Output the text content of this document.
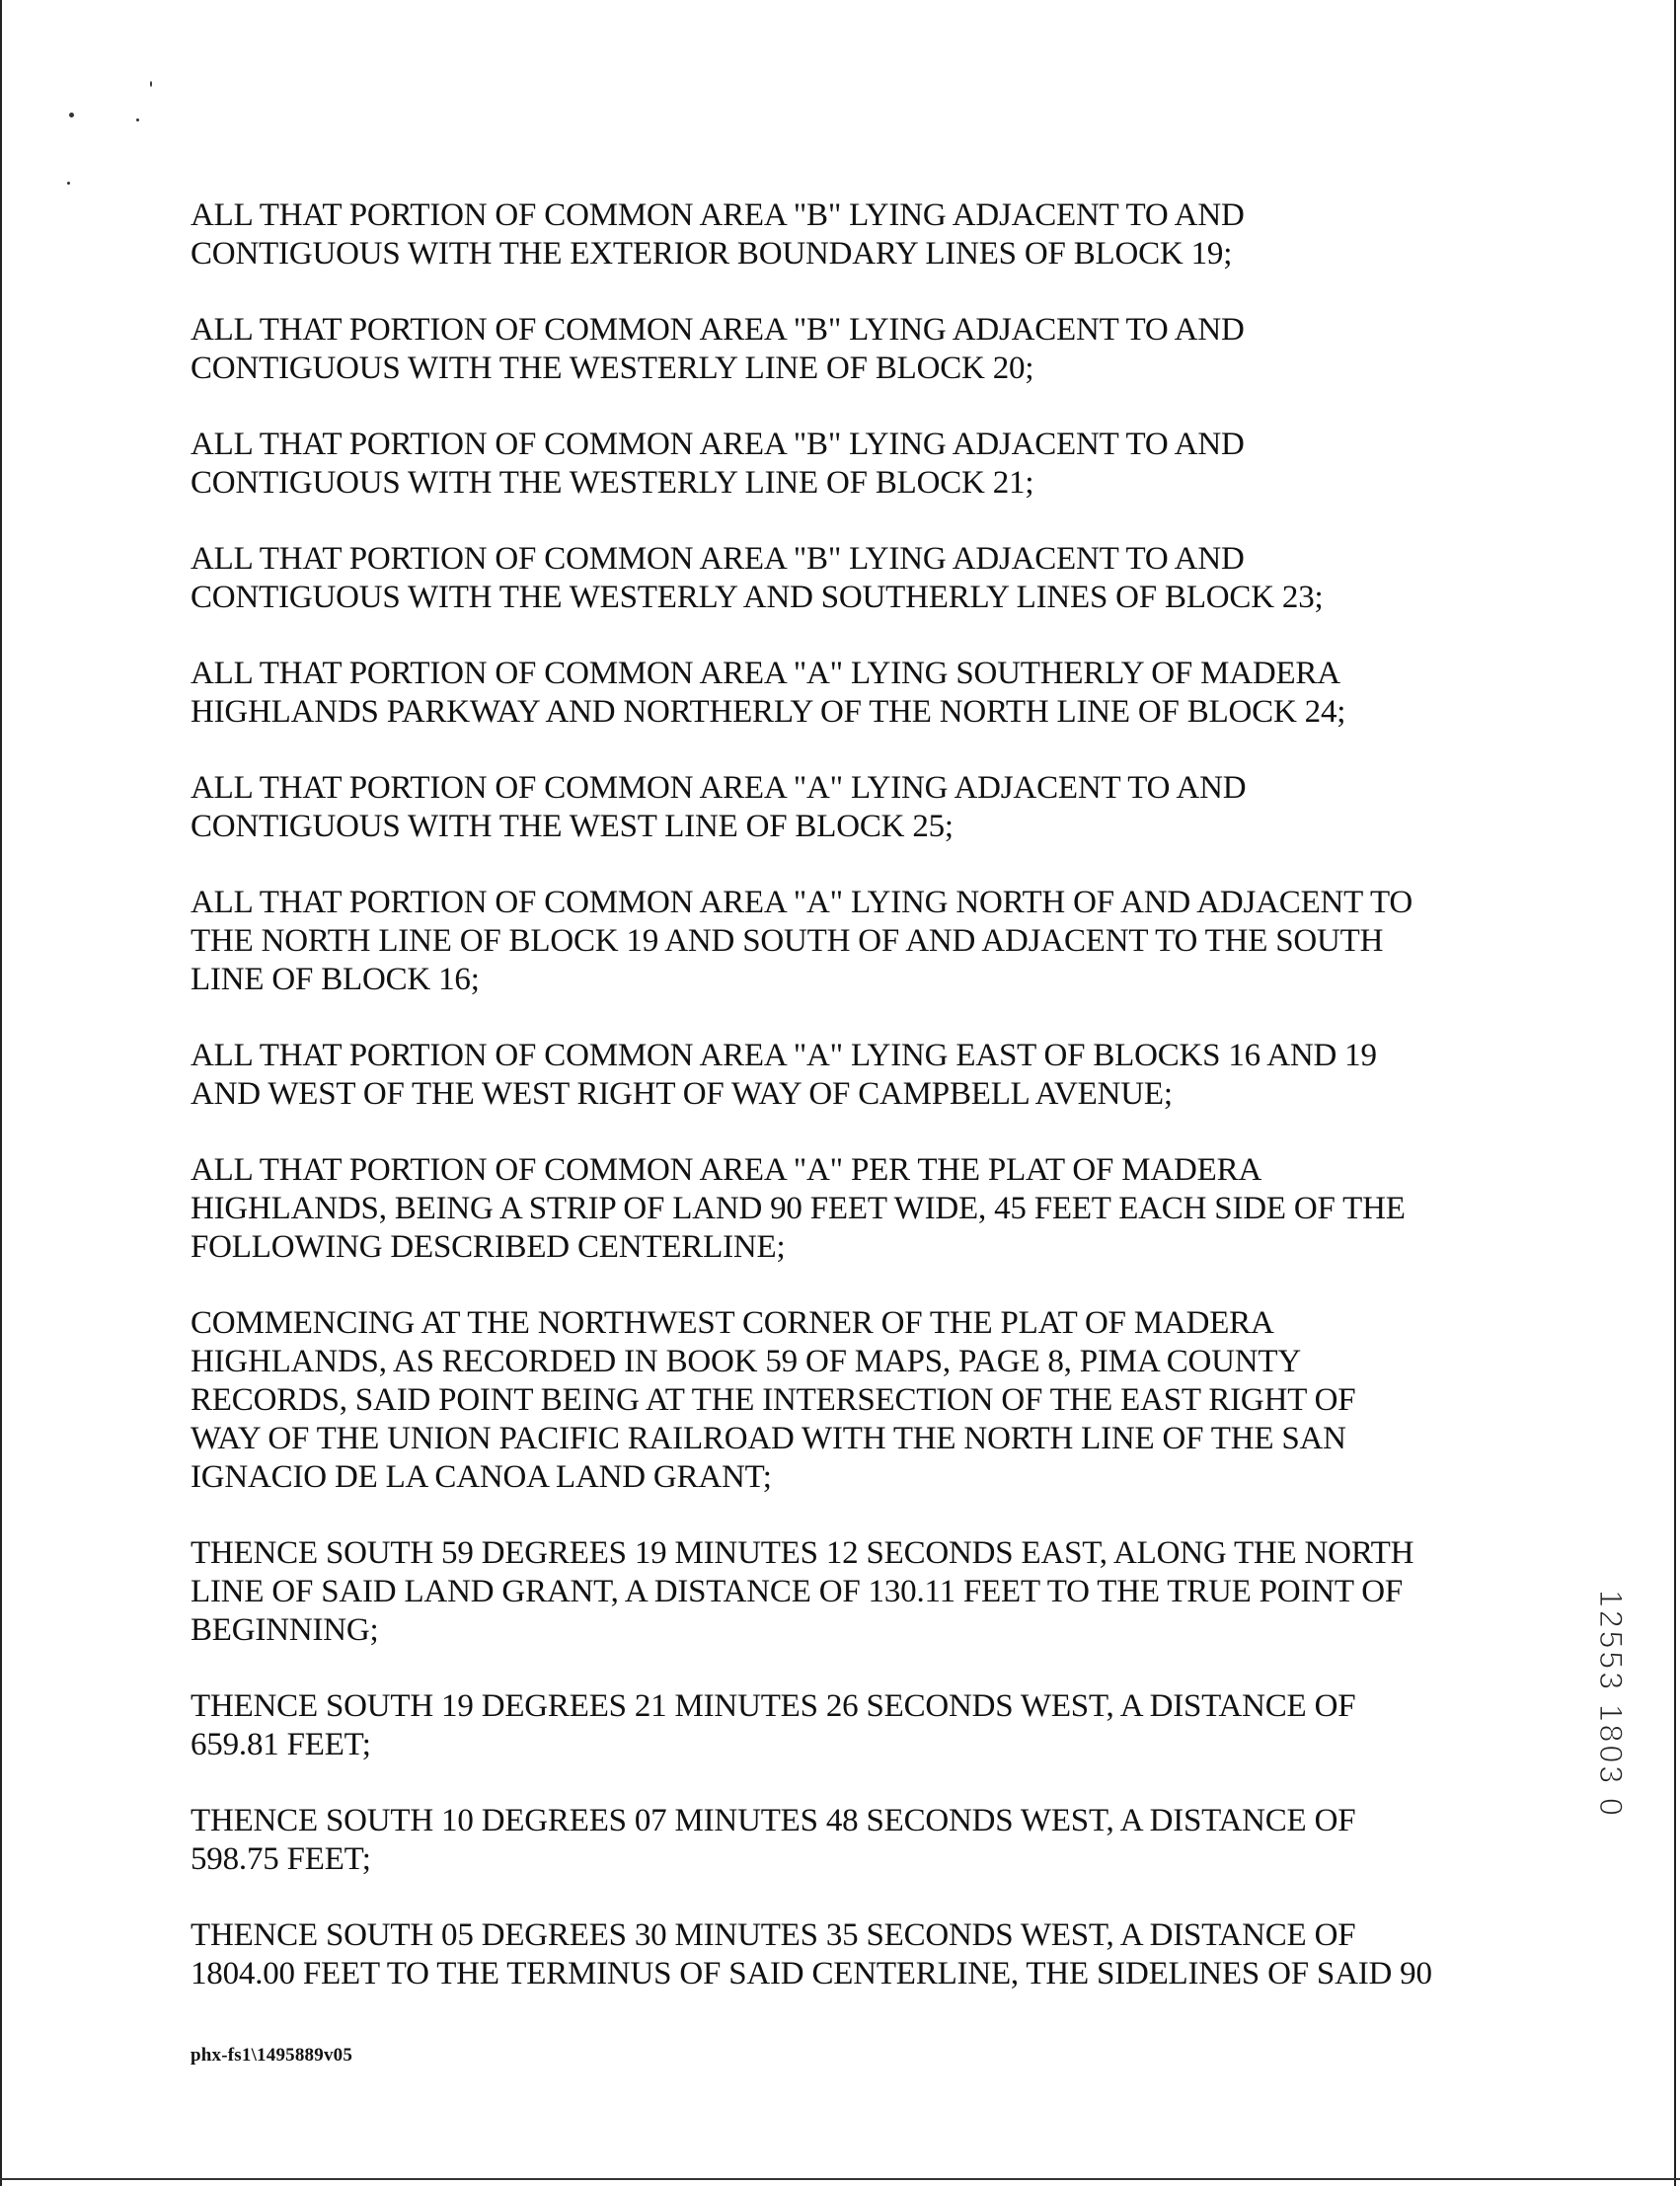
ALL THAT PORTION OF COMMON AREA "B" LYING ADJACENT TO AND
CONTIGUOUS WITH THE EXTERIOR BOUNDARY LINES OF BLOCK 19;

ALL THAT PORTION OF COMMON AREA "B" LYING ADJACENT TO AND
CONTIGUOUS WITH THE WESTERLY LINE OF BLOCK 20;

ALL THAT PORTION OF COMMON AREA "B" LYING ADJACENT TO AND
CONTIGUOUS WITH THE WESTERLY LINE OF BLOCK 21;

ALL THAT PORTION OF COMMON AREA "B" LYING ADJACENT TO AND
CONTIGUOUS WITH THE WESTERLY AND SOUTHERLY LINES OF BLOCK 23;

ALL THAT PORTION OF COMMON AREA "A" LYING SOUTHERLY OF MADERA
HIGHLANDS PARKWAY AND NORTHERLY OF THE NORTH LINE OF BLOCK 24;

ALL THAT PORTION OF COMMON AREA "A" LYING ADJACENT TO AND
CONTIGUOUS WITH THE WEST LINE OF BLOCK 25;

ALL THAT PORTION OF COMMON AREA "A" LYING NORTH OF AND ADJACENT TO
THE NORTH LINE OF BLOCK 19 AND SOUTH OF AND ADJACENT TO THE SOUTH
LINE OF BLOCK 16;

ALL THAT PORTION OF COMMON AREA "A" LYING EAST OF BLOCKS 16 AND 19
AND WEST OF THE WEST RIGHT OF WAY OF CAMPBELL AVENUE;

ALL THAT PORTION OF COMMON AREA "A" PER THE PLAT OF MADERA
HIGHLANDS, BEING A STRIP OF LAND 90 FEET WIDE, 45 FEET EACH SIDE OF THE
FOLLOWING DESCRIBED CENTERLINE;

COMMENCING AT THE NORTHWEST CORNER OF THE PLAT OF MADERA
HIGHLANDS, AS RECORDED IN BOOK 59 OF MAPS, PAGE 8, PIMA COUNTY
RECORDS, SAID POINT BEING AT THE INTERSECTION OF THE EAST RIGHT OF
WAY OF THE UNION PACIFIC RAILROAD WITH THE NORTH LINE OF THE SAN
IGNACIO DE LA CANOA LAND GRANT;

THENCE SOUTH 59 DEGREES 19 MINUTES 12 SECONDS EAST, ALONG THE NORTH
LINE OF SAID LAND GRANT, A DISTANCE OF 130.11 FEET TO THE TRUE POINT OF
BEGINNING;

THENCE SOUTH 19 DEGREES 21 MINUTES 26 SECONDS WEST, A DISTANCE OF
659.81 FEET;

THENCE SOUTH 10 DEGREES 07 MINUTES 48 SECONDS WEST, A DISTANCE OF
598.75 FEET;

THENCE SOUTH 05 DEGREES 30 MINUTES 35 SECONDS WEST, A DISTANCE OF
1804.00 FEET TO THE TERMINUS OF SAID CENTERLINE, THE SIDELINES OF SAID 90

phx-fs1\1495889v05
12553 1803 0
